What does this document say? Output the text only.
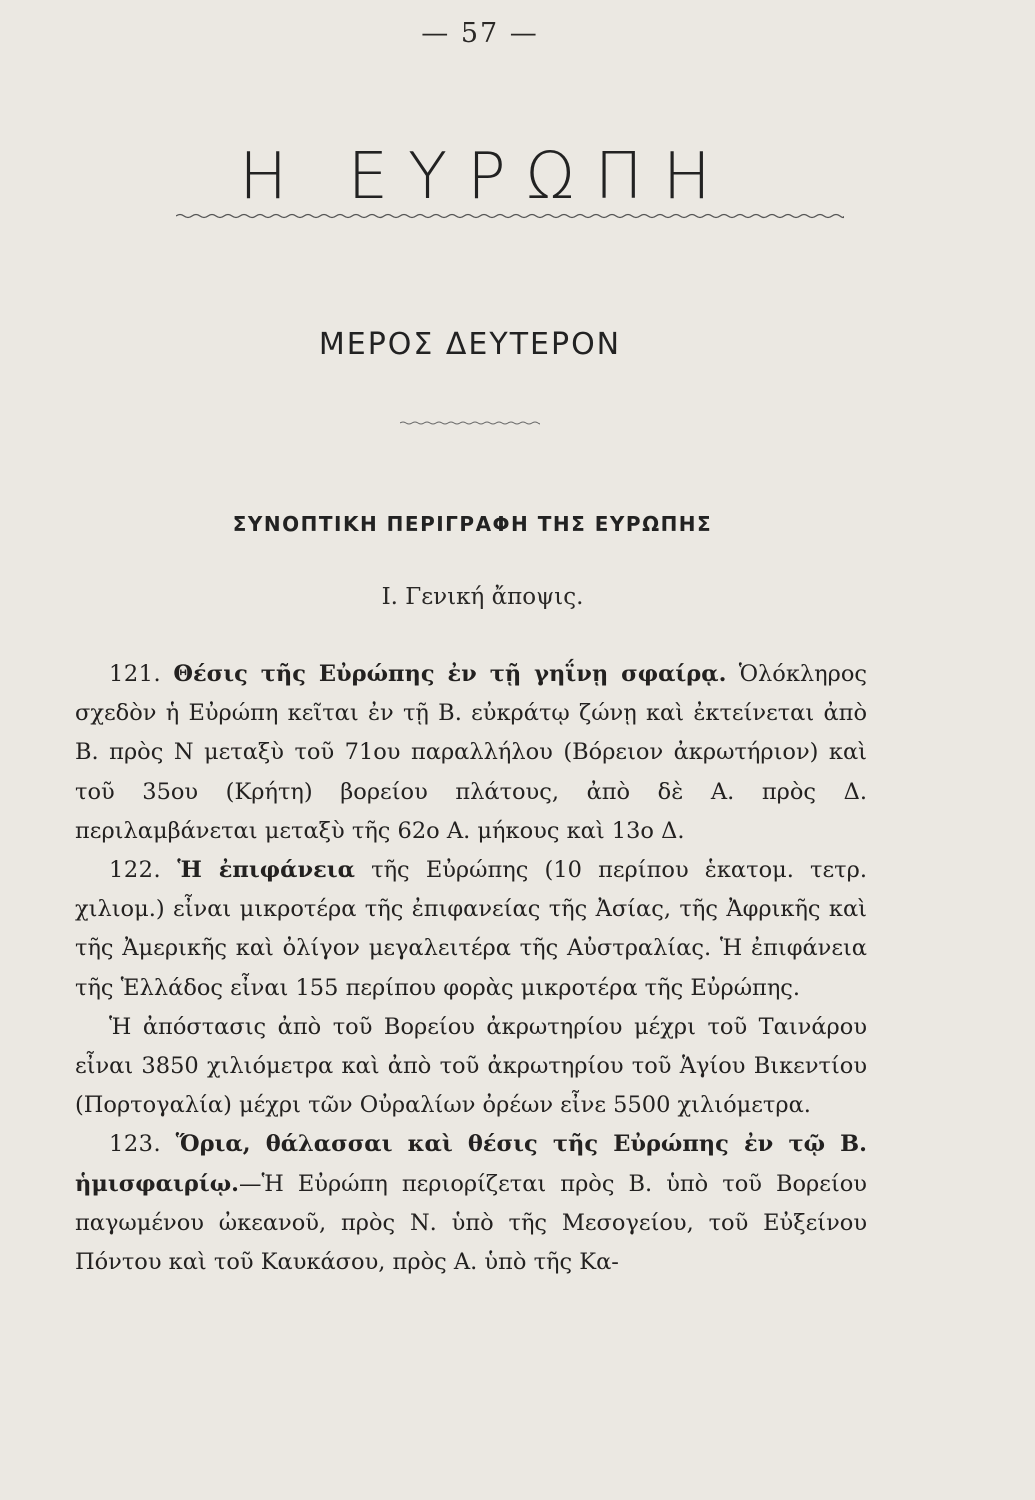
— 57 —
Η ΕΥΡΩΠΗ
ΜΕΡΟΣ ΔΕΥΤΕΡΟΝ
ΣΥΝΟΠΤΙΚΗ ΠΕΡΙΓΡΑΦΗ ΤΗΣ ΕΥΡΩΠΗΣ
I. Γενική ἄποψις.

121. Θέσις τῆς Εὐρώπης ἐν τῇ γηΐνῃ σφαίρᾳ. Ὁλόκληρος σχεδὸν ἡ Εὐρώπη κεῖται ἐν τῇ Β. εὐκράτῳ ζώνῃ καὶ ἐκτείνεται ἀπὸ Β. πρὸς Ν μεταξὺ τοῦ 71ου παραλλήλου (Βόρειον ἀκρωτήριον) καὶ τοῦ 35ου (Κρήτη) βορείου πλάτους, ἀπὸ δὲ Α. πρὸς Δ. περιλαμβάνεται μεταξὺ τῆς 62ο Α. μήκους καὶ 13ο Δ.

122. Ἡ ἐπιφάνεια τῆς Εὐρώπης (10 περίπου ἑκατομ. τετρ. χιλιομ.) εἶναι μικροτέρα τῆς ἐπιφανείας τῆς Ἀσίας, τῆς Ἀφρικῆς καὶ τῆς Ἀμερικῆς καὶ ὀλίγον μεγαλειτέρα τῆς Αὐστραλίας. Ἡ ἐπιφάνεια τῆς Ἑλλάδος εἶναι 155 περίπου φορὰς μικροτέρα τῆς Εὐρώπης.

Ἡ ἀπόστασις ἀπὸ τοῦ Βορείου ἀκρωτηρίου μέχρι τοῦ Ταινάρου εἶναι 3850 χιλιόμετρα καὶ ἀπὸ τοῦ ἀκρωτηρίου τοῦ Ἁγίου Βικεντίου (Πορτογαλία) μέχρι τῶν Οὐραλίων ὀρέων εἶνε 5500 χιλιόμετρα.

123. Ὅρια, θάλασσαι καὶ θέσις τῆς Εὐρώπης ἐν τῷ Β. ἡμισφαιρίῳ.—Ἡ Εὐρώπη περιορίζεται πρὸς Β. ὑπὸ τοῦ Βορείου παγωμένου ὠκεανοῦ, πρὸς Ν. ὑπὸ τῆς Μεσογείου, τοῦ Εὐξείνου Πόντου καὶ τοῦ Καυκάσου, πρὸς Α. ὑπὸ τῆς Κα-
